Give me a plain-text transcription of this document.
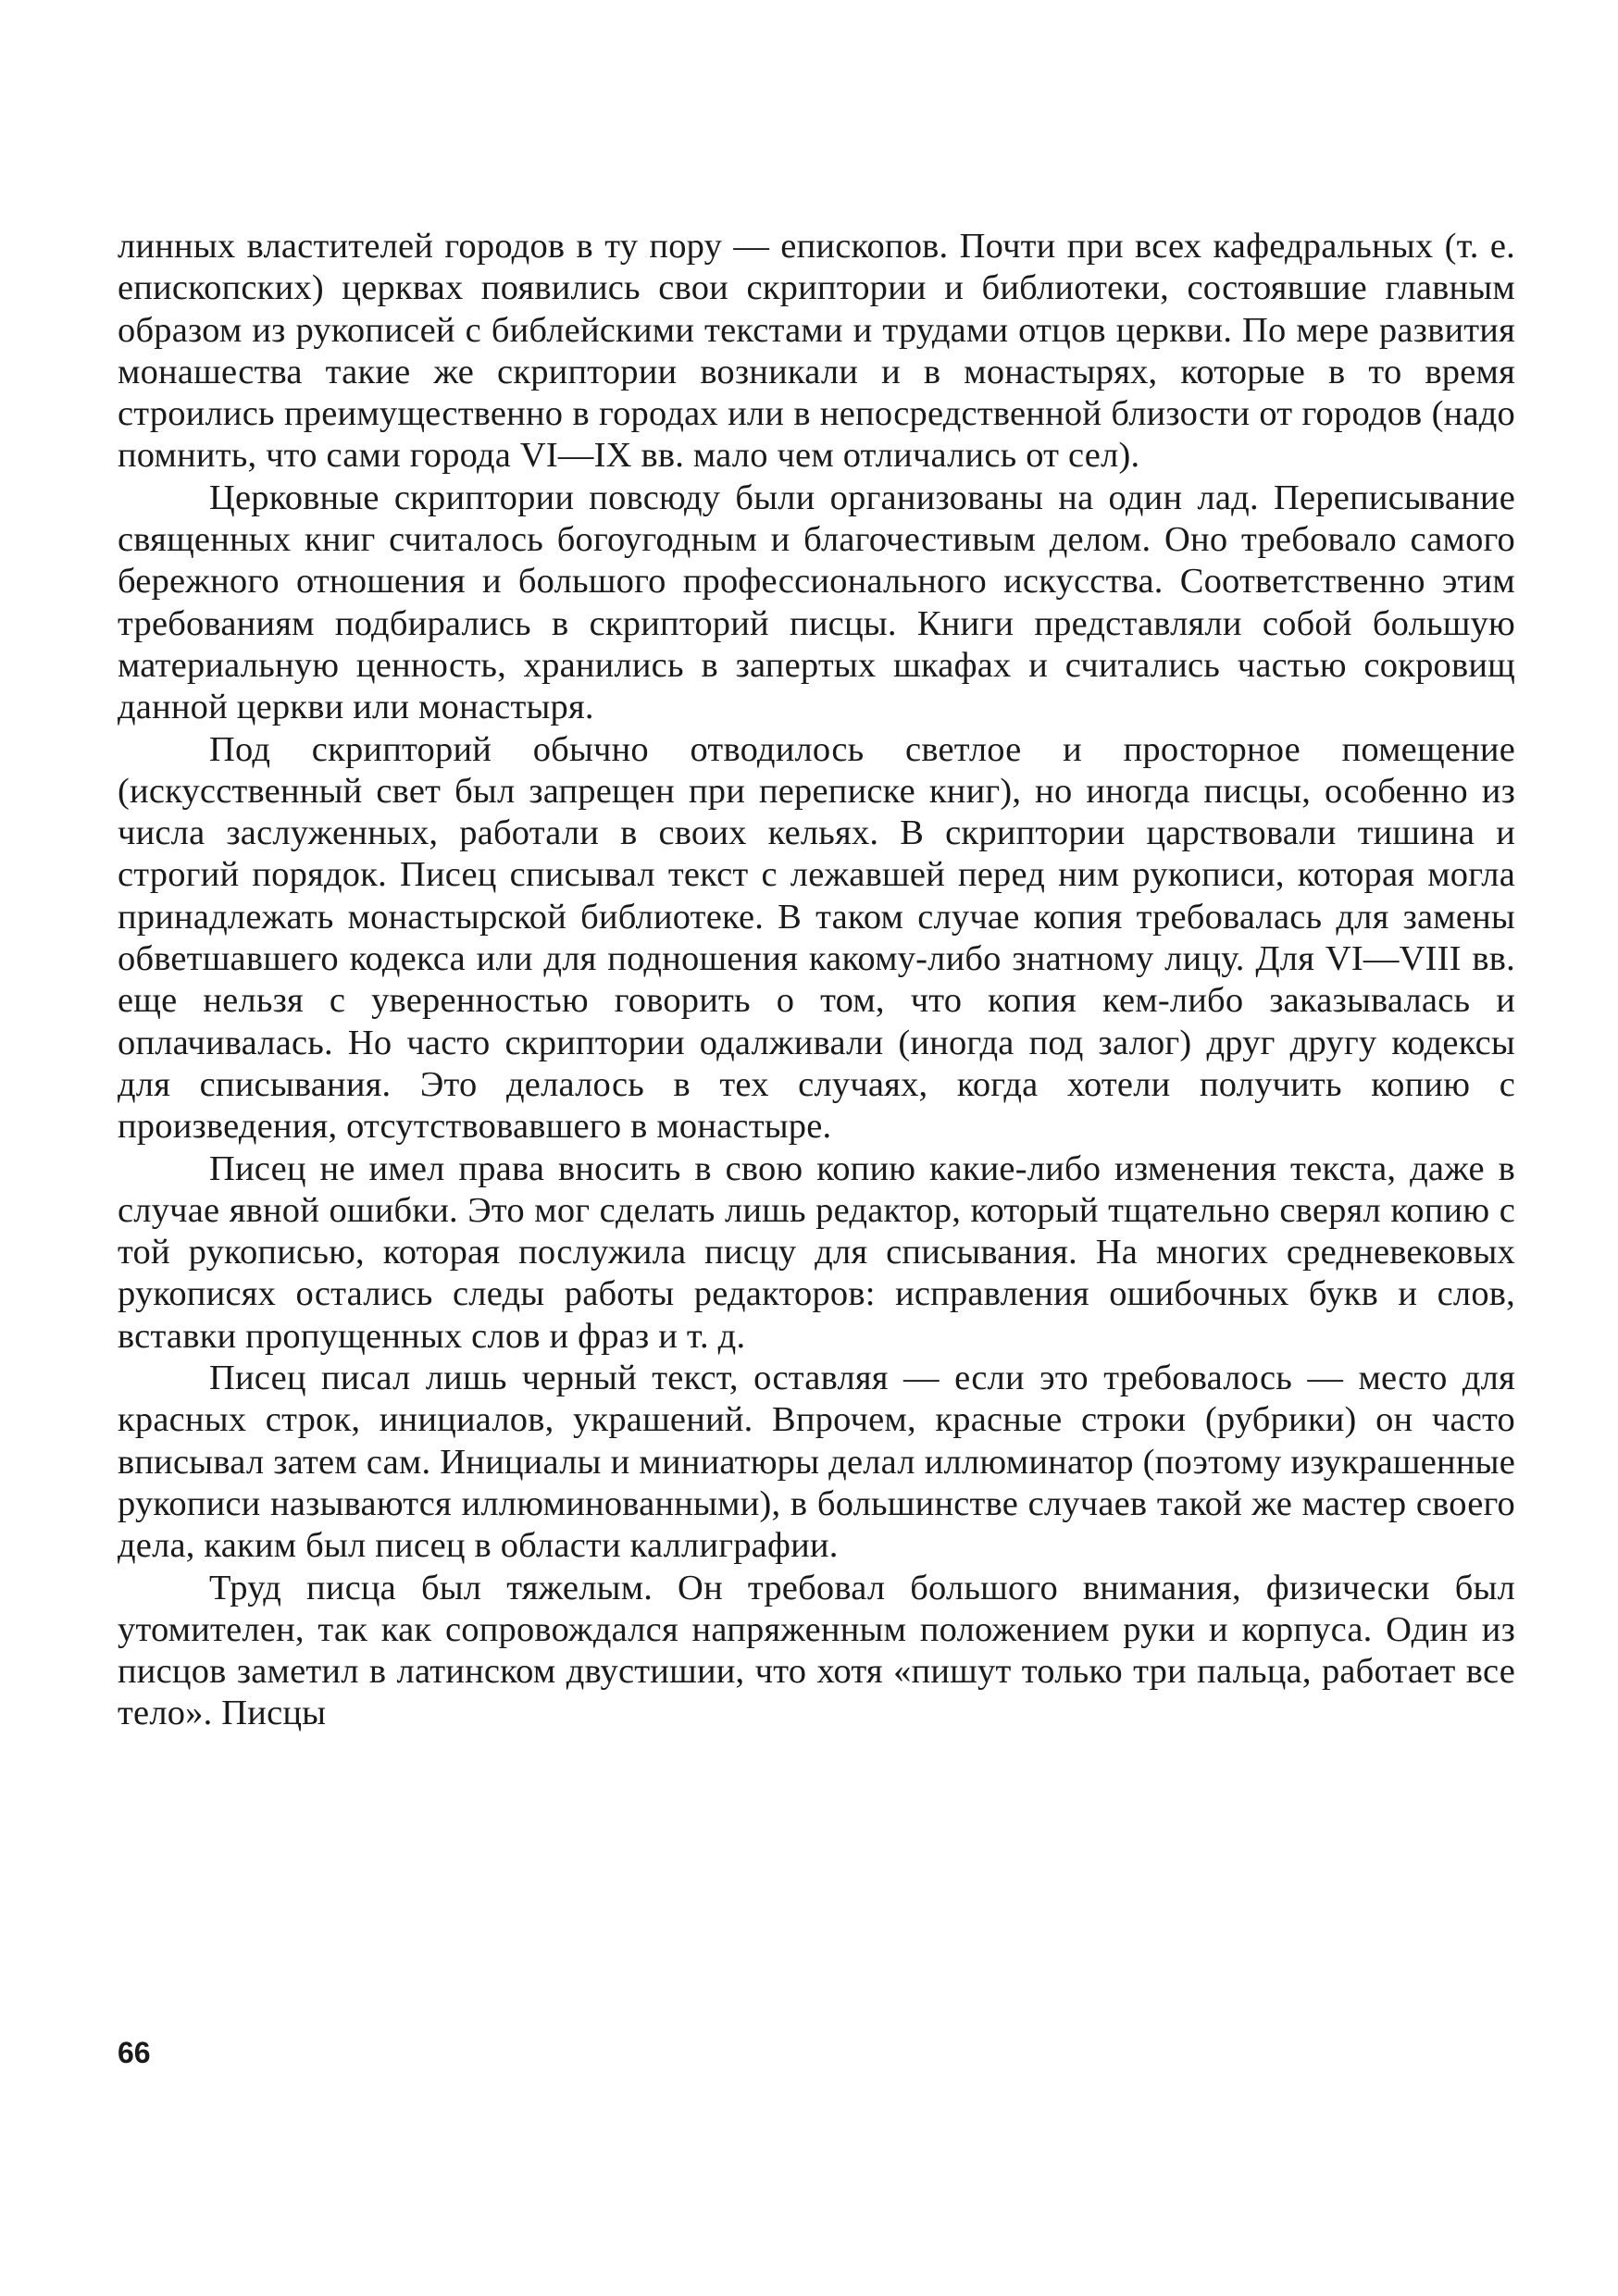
линных властителей городов в ту пору — епископов. Почти при всех кафедральных (т. е. епископских) церквах появились свои скриптории и библиотеки, состоявшие главным образом из рукописей с библейскими текстами и трудами отцов церкви. По мере развития монашества такие же скриптории возникали и в монастырях, которые в то время строились преимущественно в городах или в непосредственной близости от городов (надо помнить, что сами города VI—IX вв. мало чем отличались от сел).

Церковные скриптории повсюду были организованы на один лад. Переписывание священных книг считалось богоугодным и благочестивым делом. Оно требовало самого бережного отношения и большого профессионального искусства. Соответственно этим требованиям подбирались в скрипторий писцы. Книги представляли собой большую материальную ценность, хранились в запертых шкафах и считались частью сокровищ данной церкви или монастыря.

Под скрипторий обычно отводилось светлое и просторное помещение (искусственный свет был запрещен при переписке книг), но иногда писцы, особенно из числа заслуженных, работали в своих кельях. В скриптории царствовали тишина и строгий порядок. Писец списывал текст с лежавшей перед ним рукописи, которая могла принадлежать монастырской библиотеке. В таком случае копия требовалась для замены обветшавшего кодекса или для подношения какому-либо знатному лицу. Для VI—VIII вв. еще нельзя с уверенностью говорить о том, что копия кем-либо заказывалась и оплачивалась. Но часто скриптории одалживали (иногда под залог) друг другу кодексы для списывания. Это делалось в тех случаях, когда хотели получить копию с произведения, отсутствовавшего в монастыре.

Писец не имел права вносить в свою копию какие-либо изменения текста, даже в случае явной ошибки. Это мог сделать лишь редактор, который тщательно сверял копию с той рукописью, которая послужила писцу для списывания. На многих средневековых рукописях остались следы работы редакторов: исправления ошибочных букв и слов, вставки пропущенных слов и фраз и т. д.

Писец писал лишь черный текст, оставляя — если это требовалось — место для красных строк, инициалов, украшений. Впрочем, красные строки (рубрики) он часто вписывал затем сам. Инициалы и миниатюры делал иллюминатор (поэтому изукрашенные рукописи называются иллюминованными), в большинстве случаев такой же мастер своего дела, каким был писец в области каллиграфии.

Труд писца был тяжелым. Он требовал большого внимания, физически был утомителен, так как сопровождался напряженным положением руки и корпуса. Один из писцов заметил в латинском двустишии, что хотя «пишут только три пальца, работает все тело». Писцы

66
